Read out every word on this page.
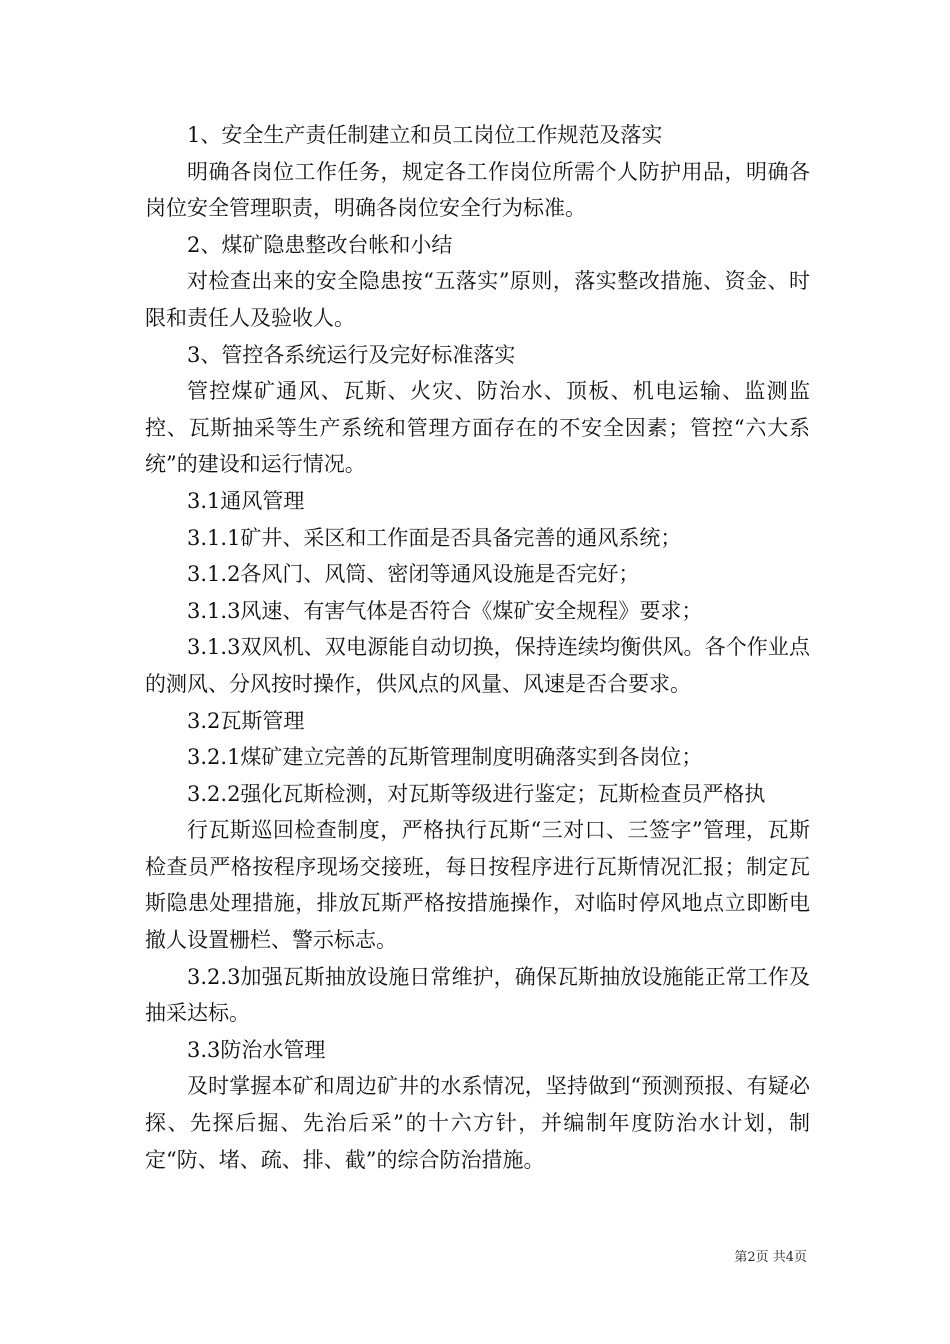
1、安全生产责任制建立和员工岗位工作规范及落实

明确各岗位工作任务，规定各工作岗位所需个人防护用品，明确各岗位安全管理职责，明确各岗位安全行为标准。

2、煤矿隐患整改台帐和小结

对检查出来的安全隐患按“五落实”原则，落实整改措施、资金、时限和责任人及验收人。

3、管控各系统运行及完好标准落实

管控煤矿通风、瓦斯、火灾、防治水、顶板、机电运输、监测监控、瓦斯抽采等生产系统和管理方面存在的不安全因素；管控“六大系统”的建设和运行情况。

3.1通风管理

3.1.1矿井、采区和工作面是否具备完善的通风系统；

3.1.2各风门、风筒、密闭等通风设施是否完好；

3.1.3风速、有害气体是否符合《煤矿安全规程》要求；

3.1.3双风机、双电源能自动切换，保持连续均衡供风。各个作业点的测风、分风按时操作，供风点的风量、风速是否合要求。

3.2瓦斯管理

3.2.1煤矿建立完善的瓦斯管理制度明确落实到各岗位；

3.2.2强化瓦斯检测，对瓦斯等级进行鉴定；瓦斯检查员严格执

行瓦斯巡回检查制度，严格执行瓦斯“三对口、三签字”管理，瓦斯检查员严格按程序现场交接班，每日按程序进行瓦斯情况汇报；制定瓦斯隐患处理措施，排放瓦斯严格按措施操作，对临时停风地点立即断电撤人设置栅栏、警示标志。

3.2.3加强瓦斯抽放设施日常维护，确保瓦斯抽放设施能正常工作及抽采达标。

3.3防治水管理

及时掌握本矿和周边矿井的水系情况，坚持做到“预测预报、有疑必探、先探后掘、先治后采”的十六方针，并编制年度防治水计划，制定“防、堵、疏、排、截”的综合防治措施。

第2页 共4页
